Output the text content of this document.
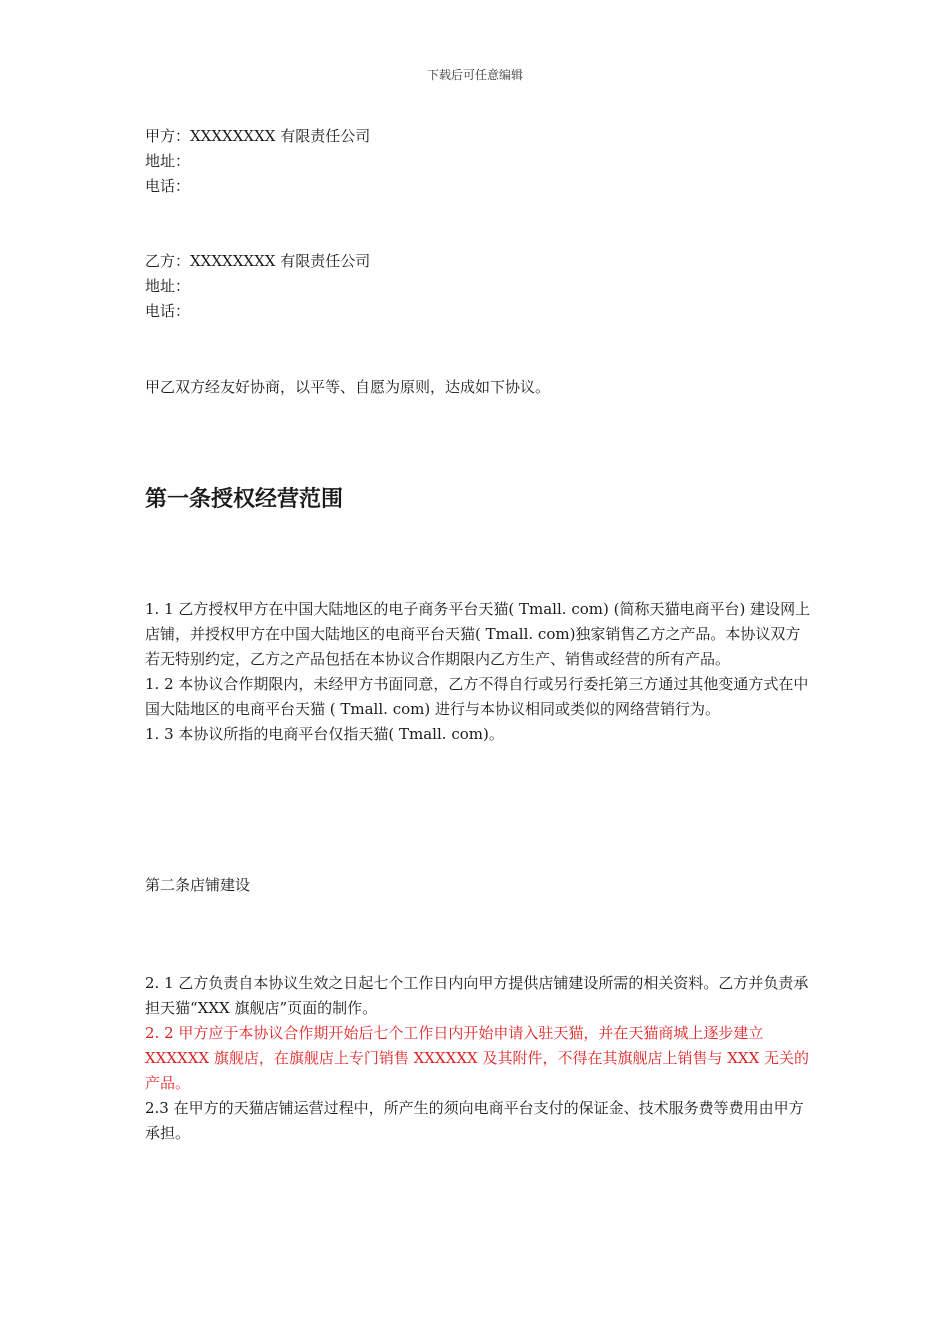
下载后可任意编辑
甲方：XXXXXXXX 有限责任公司
地址：
电话：
乙方：XXXXXXXX 有限责任公司
地址：
电话：
甲乙双方经友好协商，以平等、自愿为原则，达成如下协议。
第一条授权经营范围
1. 1 乙方授权甲方在中国大陆地区的电子商务平台天猫( Tmall. com) (简称天猫电商平台) 建设网上店铺，并授权甲方在中国大陆地区的电商平台天猫( Tmall. com)独家销售乙方之产品。本协议双方若无特别约定，乙方之产品包括在本协议合作期限内乙方生产、销售或经营的所有产品。
1. 2 本协议合作期限内，未经甲方书面同意，乙方不得自行或另行委托第三方通过其他变通方式在中国大陆地区的电商平台天猫 ( Tmall. com) 进行与本协议相同或类似的网络营销行为。
1. 3 本协议所指的电商平台仅指天猫( Tmall. com)。
第二条店铺建设
2. 1 乙方负责自本协议生效之日起七个工作日内向甲方提供店铺建设所需的相关资料。乙方并负责承担天猫“XXX 旗舰店”页面的制作。
2. 2 甲方应于本协议合作期开始后七个工作日内开始申请入驻天猫，并在天猫商城上逐步建立 XXXXXX 旗舰店，在旗舰店上专门销售 XXXXXX 及其附件，不得在其旗舰店上销售与 XXX 无关的产品。
2.3 在甲方的天猫店铺运营过程中，所产生的须向电商平台支付的保证金、技术服务费等费用由甲方承担。
